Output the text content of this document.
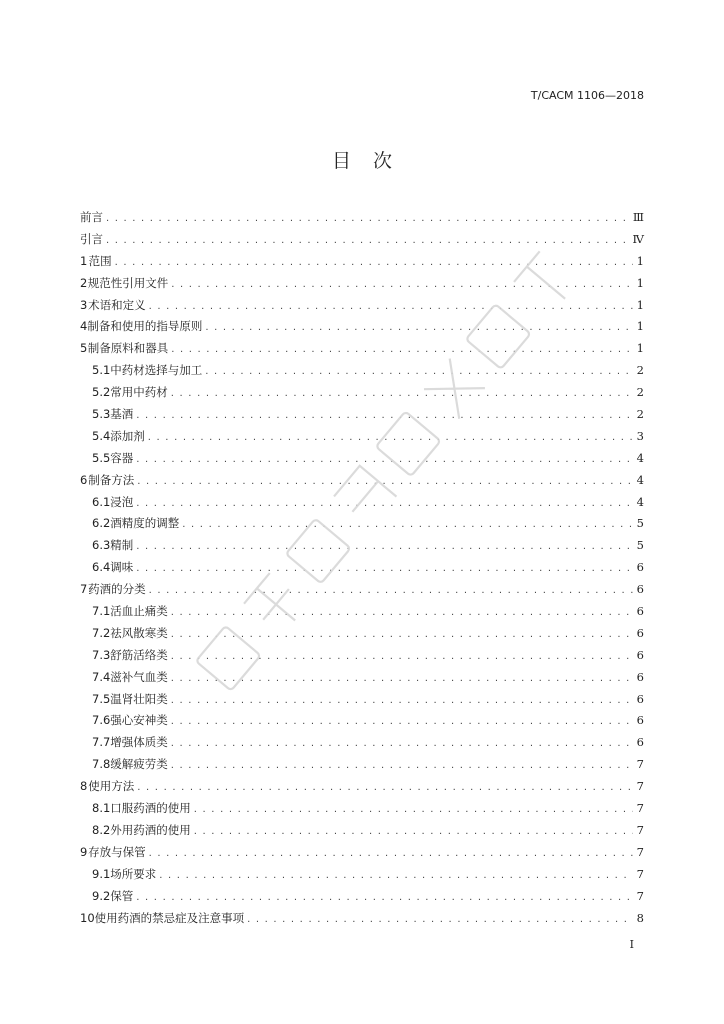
T/CACM 1106—2018
目次
前言 . . .	Ⅲ
引言 . . .	Ⅳ
1 范围 . . .	1
2 规范性引用文件 . . .	1
3 术语和定义 . . .	1
4 制备和使用的指导原则 . . .	1
5 制备原料和器具 . . .	1
5.1 中药材选择与加工 . . .	2
5.2 常用中药材 . . .	2
5.3 基酒 . . .	2
5.4 添加剂 . . .	3
5.5 容器 . . .	4
6 制备方法 . . .	4
6.1 浸泡 . . .	4
6.2 酒精度的调整 . . .	5
6.3 精制 . . .	5
6.4 调味 . . .	6
7 药酒的分类 . . .	6
7.1 活血止痛类 . . .	6
7.2 祛风散寒类 . . .	6
7.3 舒筋活络类 . . .	6
7.4 滋补气血类 . . .	6
7.5 温肾壮阳类 . . .	6
7.6 强心安神类 . . .	6
7.7 增强体质类 . . .	6
7.8 缓解疲劳类 . . .	7
8 使用方法 . . .	7
8.1 口服药酒的使用 . . .	7
8.2 外用药酒的使用 . . .	7
9 存放与保管 . . .	7
9.1 场所要求 . . .	7
9.2 保管 . . .	7
10 使用药酒的禁忌症及注意事项 . . .	8
I
